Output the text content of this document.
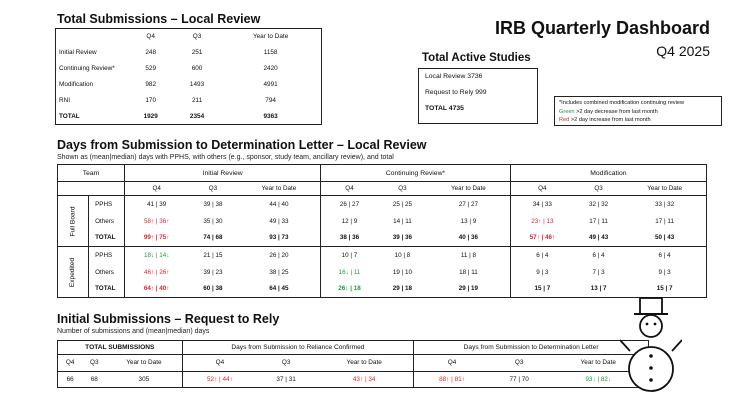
Total Submissions – Local Review
	Q4	Q3	Year to Date
Initial Review	248	251	1158
Continuing Review*	529	600	2420
Modification	982	1493	4991
RNI	170	211	794
TOTAL	1929	2354	9363
IRB Quarterly Dashboard
Q4 2025
Total Active Studies
Local Review 3736
Request to Rely 999
TOTAL 4735
*Includes combined modification continuing review
Green >2 day decrease from last month
Red >2 day increase from last month
Days from Submission to Determination Letter – Local Review
Shown as (mean|median) days with PPHS, with others (e.g., sponsor, study team, ancillary review), and total
Team		Initial Review			Continuing Review*			Modification		
		Q4	Q3	Year to Date	Q4	Q3	Year to Date	Q4	Q3	Year to Date
Full Board	PPHS	41 | 39	39 | 38	44 | 40	26 | 27	25 | 25	27 | 27	34 | 33	32 | 32	33 | 32
	Others	58↑ | 36↑	35 | 30	49 | 33	12 | 9	14 | 11	13 | 9	23↑ | 13	17 | 11	17 | 11
	TOTAL	99↑ | 75↑	74 | 68	93 | 73	38 | 36	39 | 36	40 | 36	57↑ | 46↑	49 | 43	50 | 43
Expedited	PPHS	18↓ | 14↓	21 | 15	26 | 20	10 | 7	10 | 8	11 | 8	6 | 4	6 | 4	6 | 4
	Others	46↑ | 26↑	39 | 23	38 | 25	16↓ | 11	19 | 10	18 | 11	9 | 3	7 | 3	9 | 3
	TOTAL	64↑ | 40↑	60 | 38	64 | 45	26↓ | 18	29 | 18	29 | 19	15 | 7	13 | 7	15 | 7
Initial Submissions – Request to Rely
Number of submissions and (mean|median) days
TOTAL SUBMISSIONS			Days from Submission to Reliance Confirmed			Days from Submission to Determination Letter		
Q4	Q3	Year to Date	Q4	Q3	Year to Date	Q4	Q3	Year to Date
66	68	305	52↑ | 44↑	37 | 31	43↑ | 34	88↑ | 81↑	77 | 70	93↓ | 82↓
